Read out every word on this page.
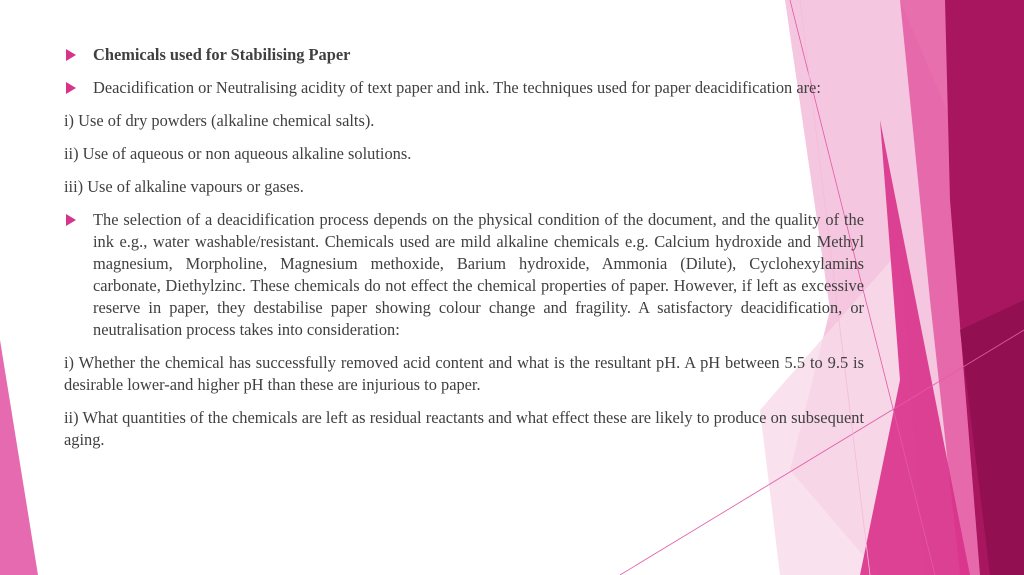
Chemicals used for Stabilising Paper
Deacidification or Neutralising acidity of text paper and ink. The techniques used for paper deacidification are:
i) Use of dry powders (alkaline chemical salts).
ii) Use of aqueous or non aqueous alkaline solutions.
iii) Use of alkaline vapours or gases.
The selection of a deacidification process depends on the physical condition of the document, and the quality of the ink e.g., water washable/resistant. Chemicals used are mild alkaline chemicals e.g. Calcium hydroxide and Methyl magnesium, Morpholine, Magnesium methoxide, Barium hydroxide, Ammonia (Dilute), Cyclohexylamins carbonate, Diethylzinc. These chemicals do not effect the chemical properties of paper. However, if left as excessive reserve in paper, they destabilise paper showing colour change and fragility. A satisfactory deacidification, or neutralisation process takes into consideration:
i) Whether the chemical has successfully removed acid content and what is the resultant pH. A pH between 5.5 to 9.5 is desirable lower-and higher pH than these are injurious to paper.
ii) What quantities of the chemicals are left as residual reactants and what effect these are likely to produce on subsequent aging.
